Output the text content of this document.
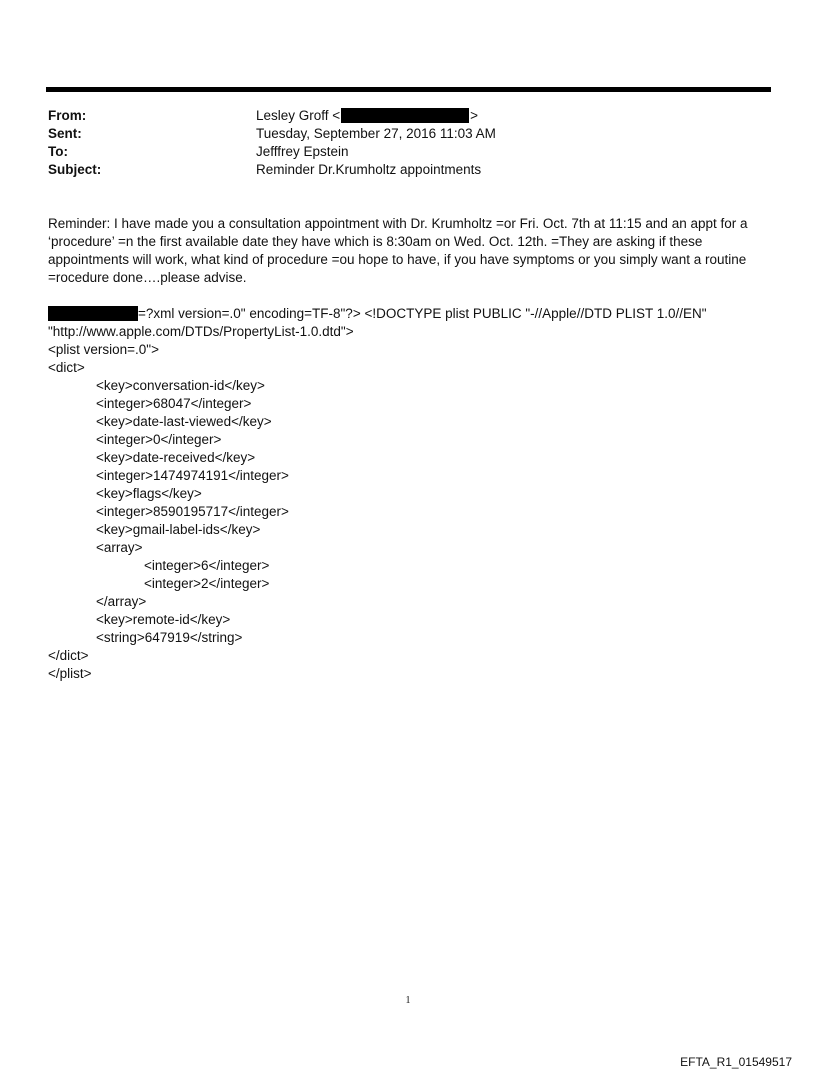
From:	Lesley Groff <	>
Sent:	Tuesday, September 27, 2016 11:03 AM
To:	Jefffrey Epstein
Subject:	Reminder Dr.Krumholtz appointments

Reminder: I have made you a consultation appointment with Dr. Krumholtz =or Fri. Oct. 7th at 11:15 and an appt for a ‘procedure’ =n the first available date they have which is 8:30am on Wed. Oct. 12th. =They are asking if these appointments will work, what kind of procedure =ou hope to have, if you have symptoms or you simply want a routine =rocedure done….please advise.

=?xml version=.0" encoding=TF-8"?> <!DOCTYPE plist PUBLIC "-//Apple//DTD PLIST 1.0//EN"
"http://www.apple.com/DTDs/PropertyList-1.0.dtd">
<plist version=.0">
<dict>
<key>conversation-id</key>
<integer>68047</integer>
<key>date-last-viewed</key>
<integer>0</integer>
<key>date-received</key>
<integer>1474974191</integer>
<key>flags</key>
<integer>8590195717</integer>
<key>gmail-label-ids</key>
<array>
<integer>6</integer>
<integer>2</integer>
</array>
<key>remote-id</key>
<string>647919</string>
</dict>
</plist>
1
EFTA_R1_01549517
